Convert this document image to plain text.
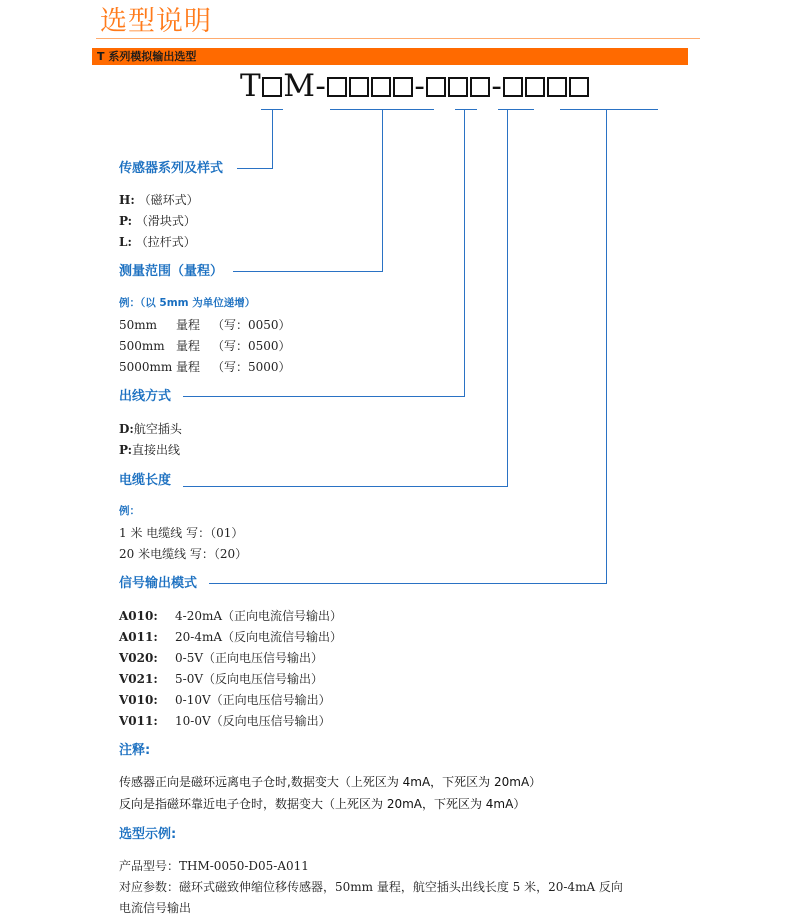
选型说明
T 系列模拟输出选型
T M-	- -
传感器系列及样式
H: （磁环式）
P: （滑块式）
L: （拉杆式）
测量范围（量程）
例：（以 5mm 为单位递增）
50mm 量程 （写：0050）
500mm 量程 （写：0500）
5000mm 量程 （写：5000）
出线方式
D:航空插头
P:直接出线
电缆长度
例：
1 米 电缆线 写：（01）
20 米电缆线 写：（20）
信号输出模式
A010: 4-20mA（正向电流信号输出）
A011: 20-4mA（反向电流信号输出）
V020: 0-5V（正向电压信号输出）
V021: 5-0V（反向电压信号输出）
V010: 0-10V（正向电压信号输出）
V011: 10-0V（反向电压信号输出）
注释:
传感器正向是磁环远离电子仓时,数据变大（上死区为 4mA，下死区为 20mA）
反向是指磁环靠近电子仓时，数据变大（上死区为 20mA，下死区为 4mA）
选型示例:
产品型号：THM-0050-D05-A011
对应参数：磁环式磁致伸缩位移传感器，50mm 量程，航空插头出线长度 5 米，20-4mA 反向
电流信号输出
